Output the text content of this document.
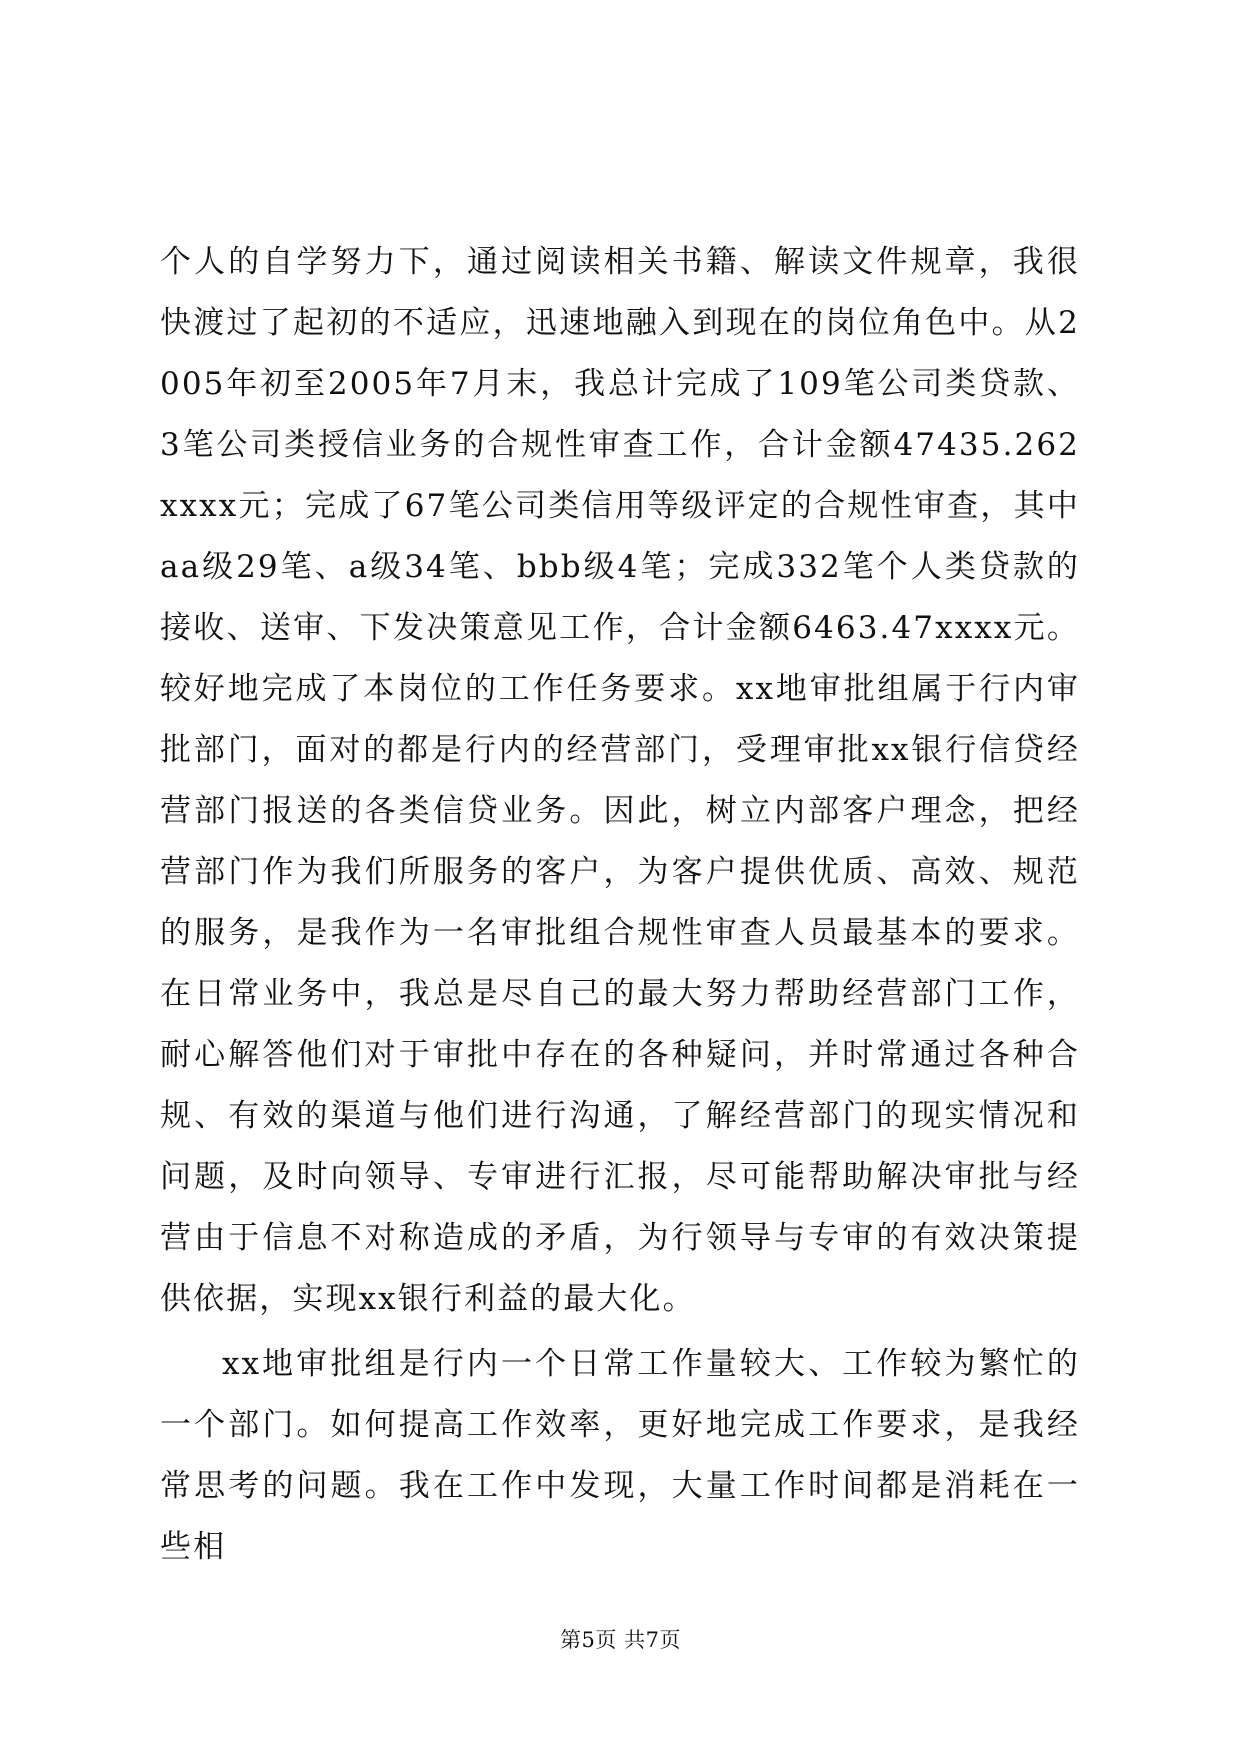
个人的自学努力下，通过阅读相关书籍、解读文件规章，我很快渡过了起初的不适应，迅速地融入到现在的岗位角色中。从2005年初至2005年7月末，我总计完成了109笔公司类贷款、3笔公司类授信业务的合规性审查工作，合计金额47435.262xxxx元；完成了67笔公司类信用等级评定的合规性审查，其中aa级29笔、a级34笔、bbb级4笔；完成332笔个人类贷款的接收、送审、下发决策意见工作，合计金额6463.47xxxx元。较好地完成了本岗位的工作任务要求。xx地审批组属于行内审批部门，面对的都是行内的经营部门，受理审批xx银行信贷经营部门报送的各类信贷业务。因此，树立内部客户理念，把经营部门作为我们所服务的客户，为客户提供优质、高效、规范的服务，是我作为一名审批组合规性审查人员最基本的要求。在日常业务中，我总是尽自己的最大努力帮助经营部门工作，耐心解答他们对于审批中存在的各种疑问，并时常通过各种合规、有效的渠道与他们进行沟通，了解经营部门的现实情况和问题，及时向领导、专审进行汇报，尽可能帮助解决审批与经营由于信息不对称造成的矛盾，为行领导与专审的有效决策提供依据，实现xx银行利益的最大化。

xx地审批组是行内一个日常工作量较大、工作较为繁忙的一个部门。如何提高工作效率，更好地完成工作要求，是我经常思考的问题。我在工作中发现，大量工作时间都是消耗在一些相

第5页 共7页
